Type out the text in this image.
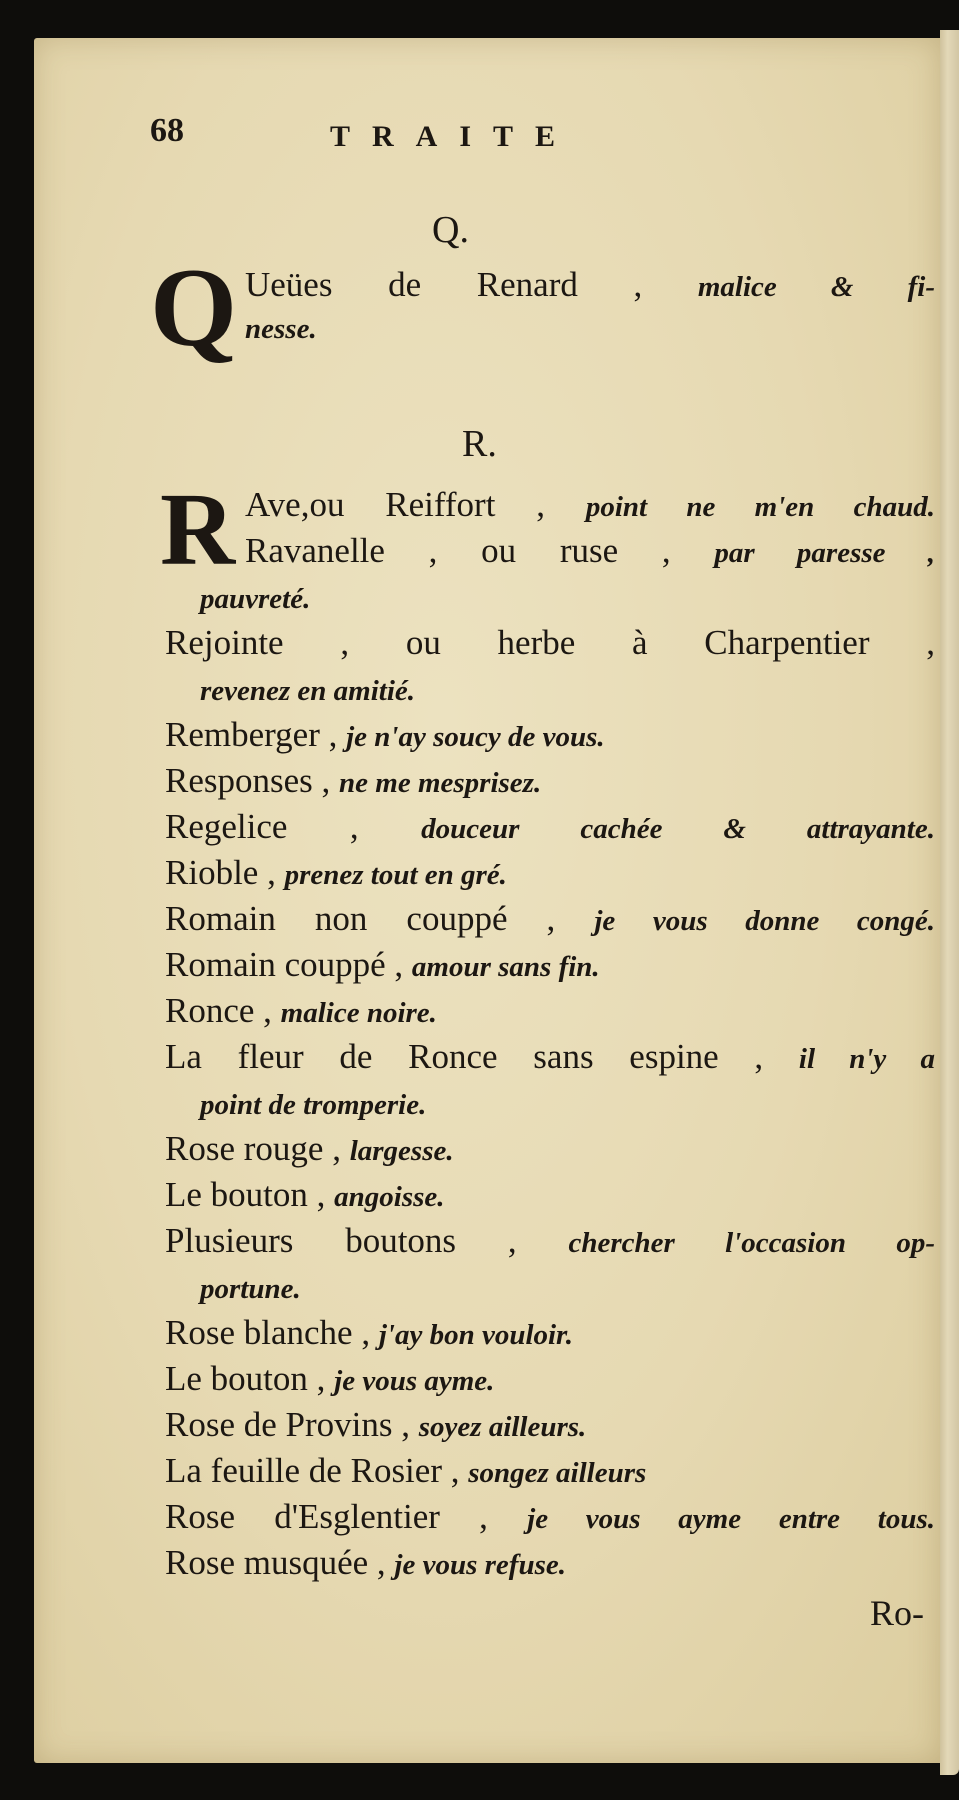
68	TRAITE
Q.
Q
R.
R
Ueües de Renard , malice & fi-
nesse.
Ave,ou Reiffort , point ne m'en chaud.
Ravanelle , ou ruse , par paresse ,
pauvreté.
Rejointe , ou herbe à Charpentier ,
revenez en amitié.
Remberger , je n'ay soucy de vous.
Responses , ne me mesprisez.
Regelice , douceur cachée & attrayante.
Rioble , prenez tout en gré.
Romain non couppé , je vous donne congé.
Romain couppé , amour sans fin.
Ronce , malice noire.
La fleur de Ronce sans espine , il n'y a
point de tromperie.
Rose rouge , largesse.
Le bouton , angoisse.
Plusieurs boutons , chercher l'occasion op-
portune.
Rose blanche , j'ay bon vouloir.
Le bouton , je vous ayme.
Rose de Provins , soyez ailleurs.
La feuille de Rosier , songez ailleurs
Rose d'Esglentier , je vous ayme entre tous.
Rose musquée , je vous refuse.
Ro-
